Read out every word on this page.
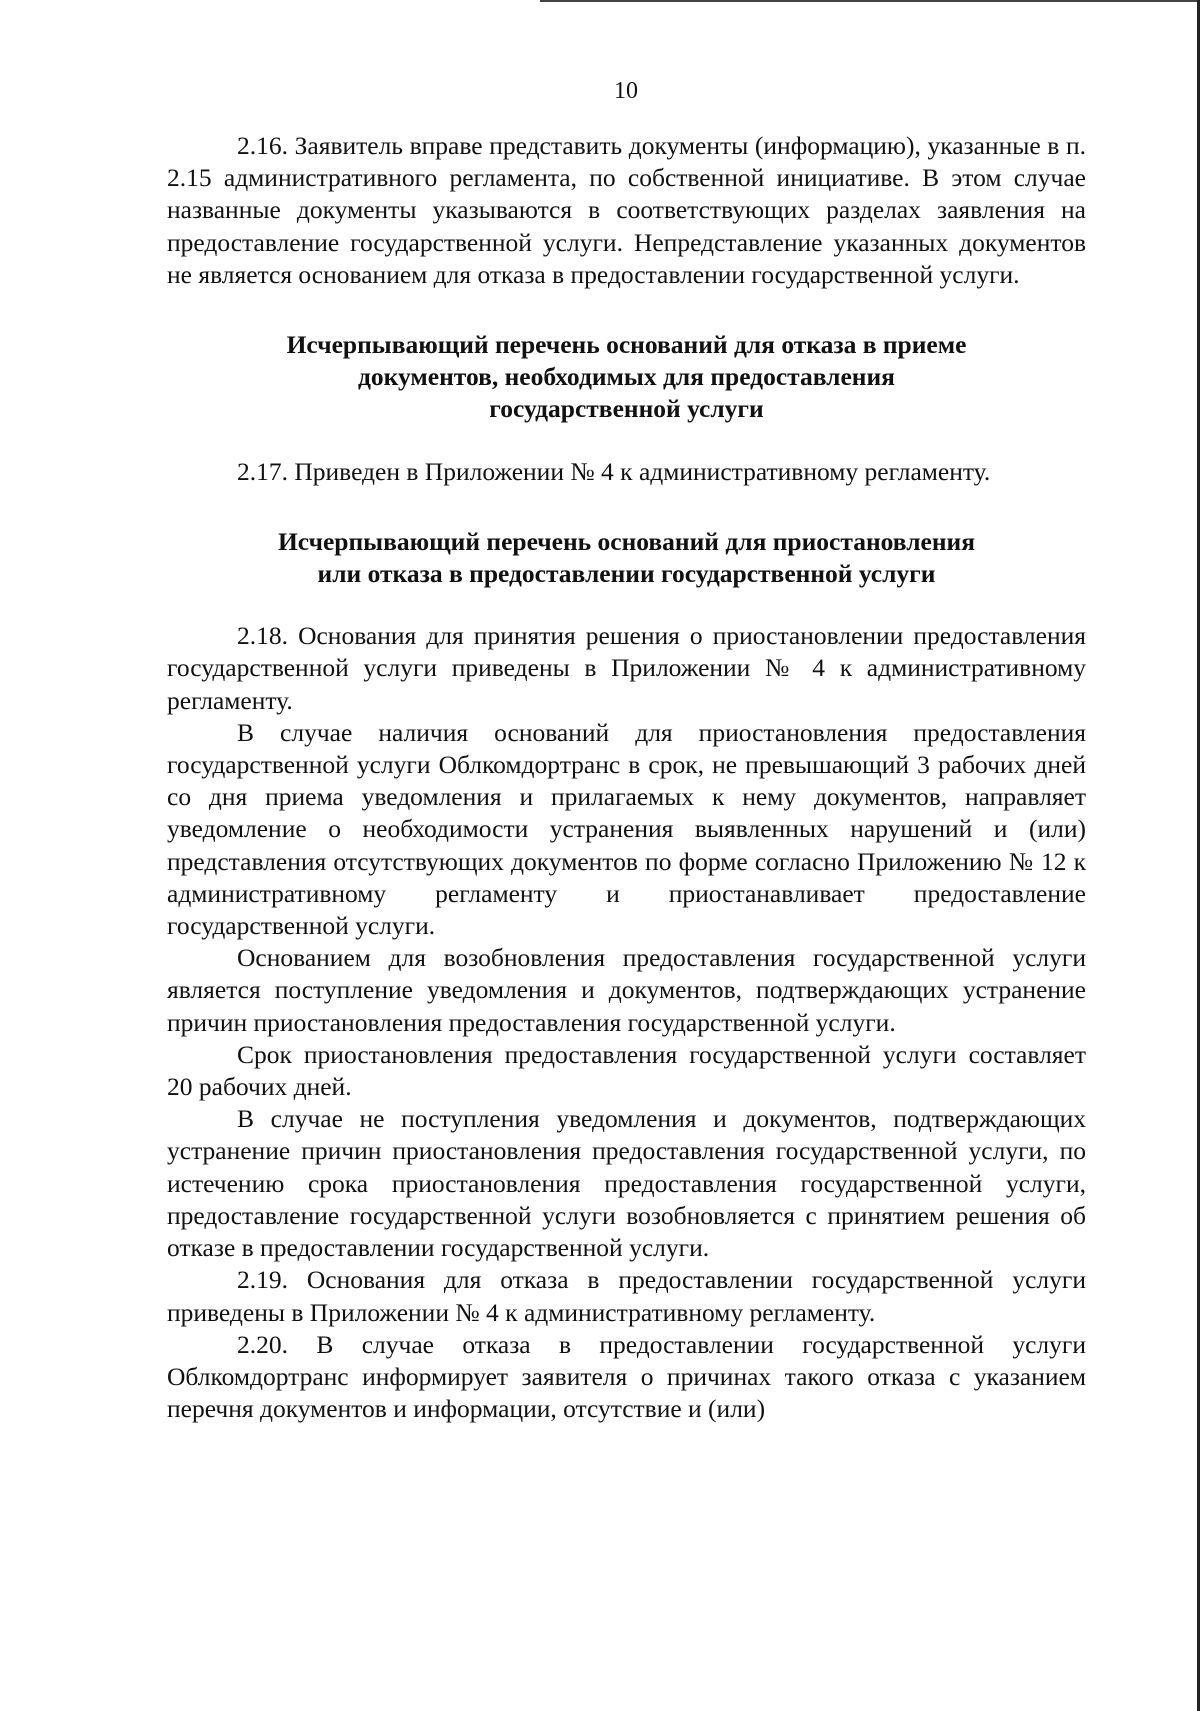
10

2.16. Заявитель вправе представить документы (информацию), указанные в п. 2.15 административного регламента, по собственной инициативе. В этом случае названные документы указываются в соответствующих разделах заявления на предоставление государственной услуги. Непредставление указанных документов не является основанием для отказа в предоставлении государственной услуги.

Исчерпывающий перечень оснований для отказа в приеме
документов, необходимых для предоставления
государственной услуги

2.17. Приведен в Приложении № 4 к административному регламенту.

Исчерпывающий перечень оснований для приостановления
или отказа в предоставлении государственной услуги

2.18. Основания для принятия решения о приостановлении предоставления государственной услуги приведены в Приложении № 4 к административному регламенту.

В случае наличия оснований для приостановления предоставления государственной услуги Облкомдортранс в срок, не превышающий 3 рабочих дней со дня приема уведомления и прилагаемых к нему документов, направляет уведомление о необходимости устранения выявленных нарушений и (или) представления отсутствующих документов по форме согласно Приложению № 12 к административному регламенту и приостанавливает предоставление государственной услуги.

Основанием для возобновления предоставления государственной услуги является поступление уведомления и документов, подтверждающих устранение причин приостановления предоставления государственной услуги.

Срок приостановления предоставления государственной услуги составляет 20 рабочих дней.

В случае не поступления уведомления и документов, подтверждающих устранение причин приостановления предоставления государственной услуги, по истечению срока приостановления предоставления государственной услуги, предоставление государственной услуги возобновляется с принятием решения об отказе в предоставлении государственной услуги.

2.19. Основания для отказа в предоставлении государственной услуги приведены в Приложении № 4 к административному регламенту.

2.20. В случае отказа в предоставлении государственной услуги Облкомдортранс информирует заявителя о причинах такого отказа с указанием перечня документов и информации, отсутствие и (или)
